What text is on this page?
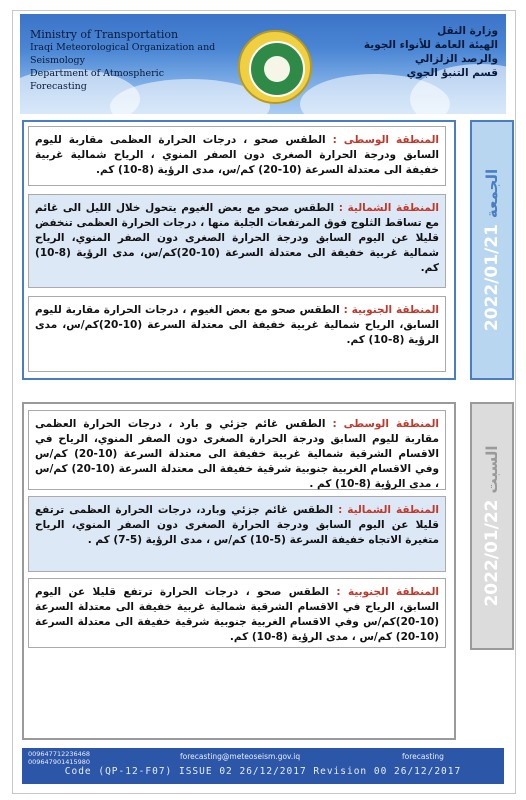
Ministry of Transportation
Iraqi Meteorological Organization and Seismology
Department of Atmospheric Forecasting
وزارة النقل
الهيئة العامة للأنواء الجوية والرصد الزلزالي
قسم التنبؤ الجوي
2022/01/21الجمعة
المنطقة الوسطى : الطقس صحو ، درجات الحرارة العظمى مقاربة لليوم السابق ودرجة الحرارة الصغرى دون الصفر المنوي ، الرياح شمالية غربية خفيفة الى معتدلة السرعة (10-20) كم/س، مدى الرؤية (8-10) كم.
المنطقة الشمالية : الطقس صحو مع بعض الغيوم يتحول خلال الليل الى غائم مع تساقط الثلوج فوق المرتفعات الجلية منها ، درجات الحرارة العظمى تنخفض قليلا عن اليوم السابق ودرجة الحرارة الصغرى دون الصفر المنوي، الرياح شمالية غربية خفيفة الى معتدلة السرعة (10-20)كم/س، مدى الرؤية (8-10) كم.
المنطقة الجنوبية : الطقس صحو مع بعض الغيوم ، درجات الحرارة مقاربة لليوم السابق، الرياح شمالية غربية خفيفة الى معتدلة السرعة (10-20)كم/س، مدى الرؤية (8-10) كم.
2022/01/22السبت
المنطقة الوسطى : الطقس غائم جزئي و بارد ، درجات الحرارة العظمى مقاربة لليوم السابق ودرجة الحرارة الصغرى دون الصفر المنوي، الرياح في الاقسام الشرقية شمالية غربية خفيفة الى معتدلة السرعة (10-20) كم/س وفي الاقسام الغربية جنوبية شرقية خفيفة الى معتدلة السرعة (10-20) كم/س ، مدى الرؤية (8-10) كم .
المنطقة الشمالية : الطقس غائم جزئي وبارد، درجات الحرارة العظمى ترتفع قليلا عن اليوم السابق ودرجة الحرارة الصغرى دون الصفر المنوي، الرياح متغيرة الاتجاه خفيفة السرعة (5-10) كم/س ، مدى الرؤية (5-7) كم .
المنطقة الجنوبية : الطقس صحو ، درجات الحرارة ترتفع قليلا عن اليوم السابق، الرياح في الاقسام الشرقية شمالية غربية خفيفة الى معتدلة السرعة (10-20)كم/س وفي الاقسام الغربية جنوبية شرقية خفيفة الى معتدلة السرعة (10-20) كم/س ، مدى الرؤية (8-10) كم.
009647712236468
009647901415980
forecasting@meteoseism.gov.iq	forecasting
Code (QP-12-F07) ISSUE 02 26/12/2017 Revision 00 26/12/2017
